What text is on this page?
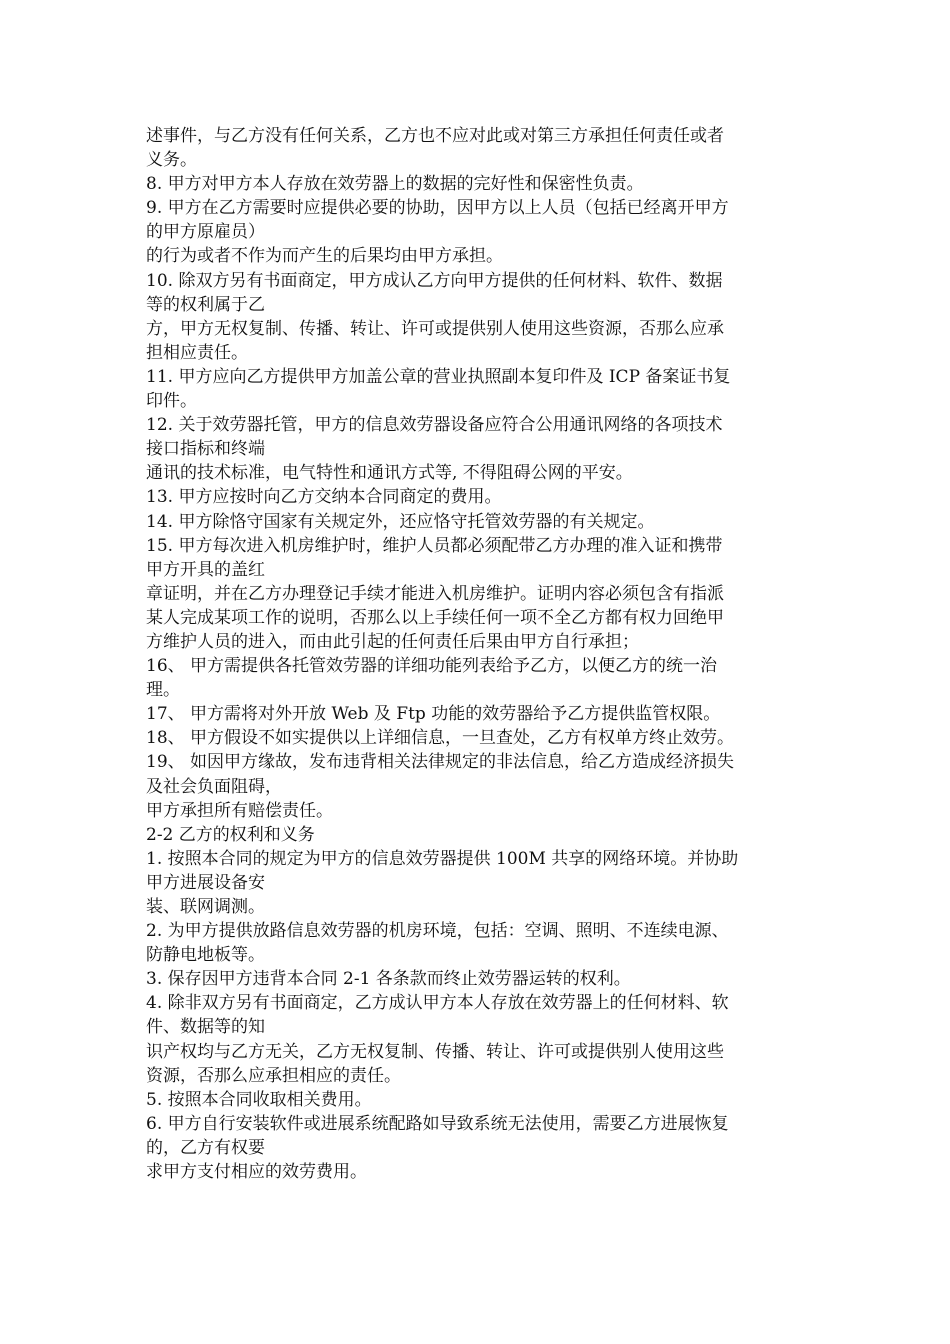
述事件，与乙方没有任何关系，乙方也不应对此或对第三方承担任何责任或者
义务。
8. 甲方对甲方本人存放在效劳器上的数据的完好性和保密性负责。
9. 甲方在乙方需要时应提供必要的协助，因甲方以上人员（包括已经离开甲方
的甲方原雇员）
的行为或者不作为而产生的后果均由甲方承担。
10. 除双方另有书面商定，甲方成认乙方向甲方提供的任何材料、软件、数据
等的权利属于乙
方，甲方无权复制、传播、转让、许可或提供别人使用这些资源，否那么应承
担相应责任。
11. 甲方应向乙方提供甲方加盖公章的营业执照副本复印件及 ICP 备案证书复
印件。
12. 关于效劳器托管，甲方的信息效劳器设备应符合公用通讯网络的各项技术
接口指标和终端
通讯的技术标准，电气特性和通讯方式等, 不得阻碍公网的平安。
13. 甲方应按时向乙方交纳本合同商定的费用。
14. 甲方除恪守国家有关规定外，还应恪守托管效劳器的有关规定。
15. 甲方每次进入机房维护时，维护人员都必须配带乙方办理的准入证和携带
甲方开具的盖红
章证明，并在乙方办理登记手续才能进入机房维护。证明内容必须包含有指派
某人完成某项工作的说明，否那么以上手续任何一项不全乙方都有权力回绝甲
方维护人员的进入，而由此引起的任何责任后果由甲方自行承担；
16、 甲方需提供各托管效劳器的详细功能列表给予乙方，以便乙方的统一治
理。
17、 甲方需将对外开放 Web 及 Ftp 功能的效劳器给予乙方提供监管权限。
18、 甲方假设不如实提供以上详细信息，一旦查处，乙方有权单方终止效劳。
19、 如因甲方缘故，发布违背相关法律规定的非法信息，给乙方造成经济损失
及社会负面阻碍，
甲方承担所有赔偿责任。
2-2 乙方的权利和义务
1. 按照本合同的规定为甲方的信息效劳器提供 100M 共享的网络环境。并协助
甲方进展设备安
装、联网调测。
2. 为甲方提供放路信息效劳器的机房环境，包括：空调、照明、不连续电源、
防静电地板等。
3. 保存因甲方违背本合同 2-1 各条款而终止效劳器运转的权利。
4. 除非双方另有书面商定，乙方成认甲方本人存放在效劳器上的任何材料、软
件、数据等的知
识产权均与乙方无关，乙方无权复制、传播、转让、许可或提供别人使用这些
资源，否那么应承担相应的责任。
5. 按照本合同收取相关费用。
6. 甲方自行安装软件或进展系统配路如导致系统无法使用，需要乙方进展恢复
的，乙方有权要
求甲方支付相应的效劳费用。
